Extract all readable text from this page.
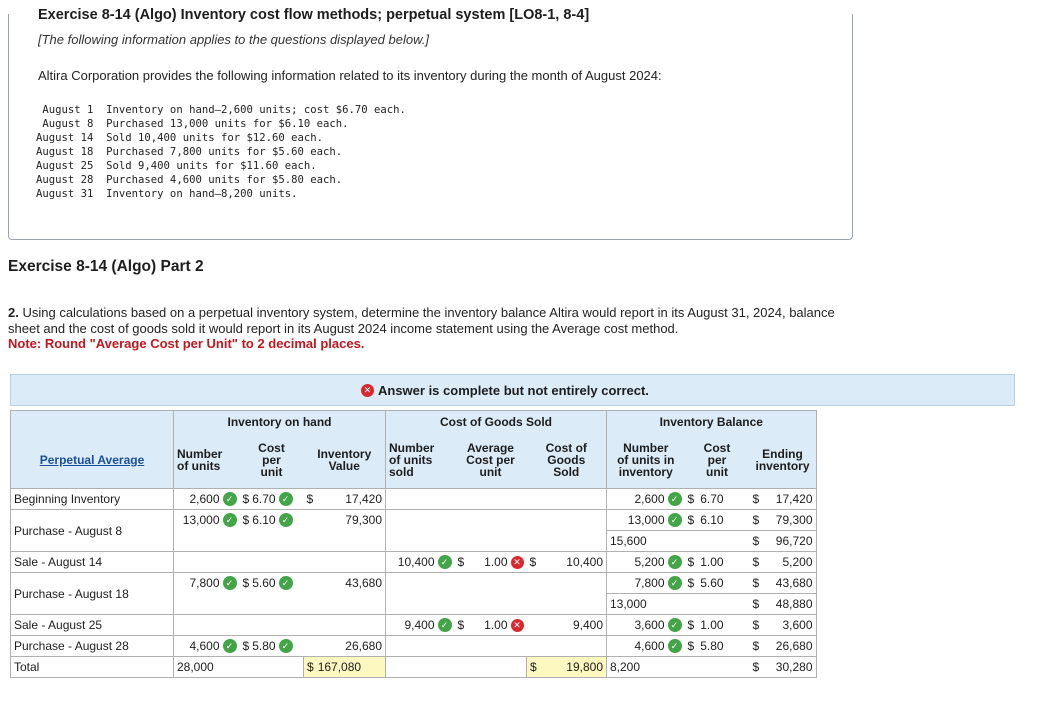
Exercise 8-14 (Algo) Inventory cost flow methods; perpetual system [LO8-1, 8-4]
[The following information applies to the questions displayed below.]
Altira Corporation provides the following information related to its inventory during the month of August 2024:
August 1  Inventory on hand—2,600 units; cost $6.70 each.
August 8  Purchased 13,000 units for $6.10 each.
August 14  Sold 10,400 units for $12.60 each.
August 18  Purchased 7,800 units for $5.60 each.
August 25  Sold 9,400 units for $11.60 each.
August 28  Purchased 4,600 units for $5.80 each.
August 31  Inventory on hand—8,200 units.
Exercise 8-14 (Algo) Part 2
2. Using calculations based on a perpetual inventory system, determine the inventory balance Altira would report in its August 31, 2024, balance sheet and the cost of goods sold it would report in its August 2024 income statement using the Average cost method.
Note: Round "Average Cost per Unit" to 2 decimal places.
✕ Answer is complete but not entirely correct.
	Inventory on hand			Cost of Goods Sold			Inventory Balance		
Perpetual Average	Number of units	Cost per unit	Inventory Value	Number of units sold	Average Cost per unit	Cost of Goods Sold	Number of units in inventory	Cost per unit	Ending inventory

Beginning Inventory	2,600 ✓	$ 6.70 ✓	$ 17,420				2,600 ✓	$ 6.70	$ 17,420

Purchase - August 8	13,000 ✓	$ 6.10 ✓	79,300				13,000 ✓	$ 6.10	$ 79,300

							15,600		$ 96,720

Sale - August 14				10,400 ✓	$ 1.00 ✕	$ 10,400	5,200 ✓	$ 1.00	$ 5,200

Purchase - August 18	7,800 ✓	$ 5.60 ✓	43,680				7,800 ✓	$ 5.60	$ 43,680

							13,000		$ 48,880

Sale - August 25				9,400 ✓	$ 1.00 ✕	9,400	3,600 ✓	$ 1.00	$ 3,600

Purchase - August 28	4,600 ✓	$ 5.80 ✓	26,680				4,600 ✓	$ 5.80	$ 26,680

Total	28,000		$ 167,080			$ 19,800	8,200		$ 30,280
